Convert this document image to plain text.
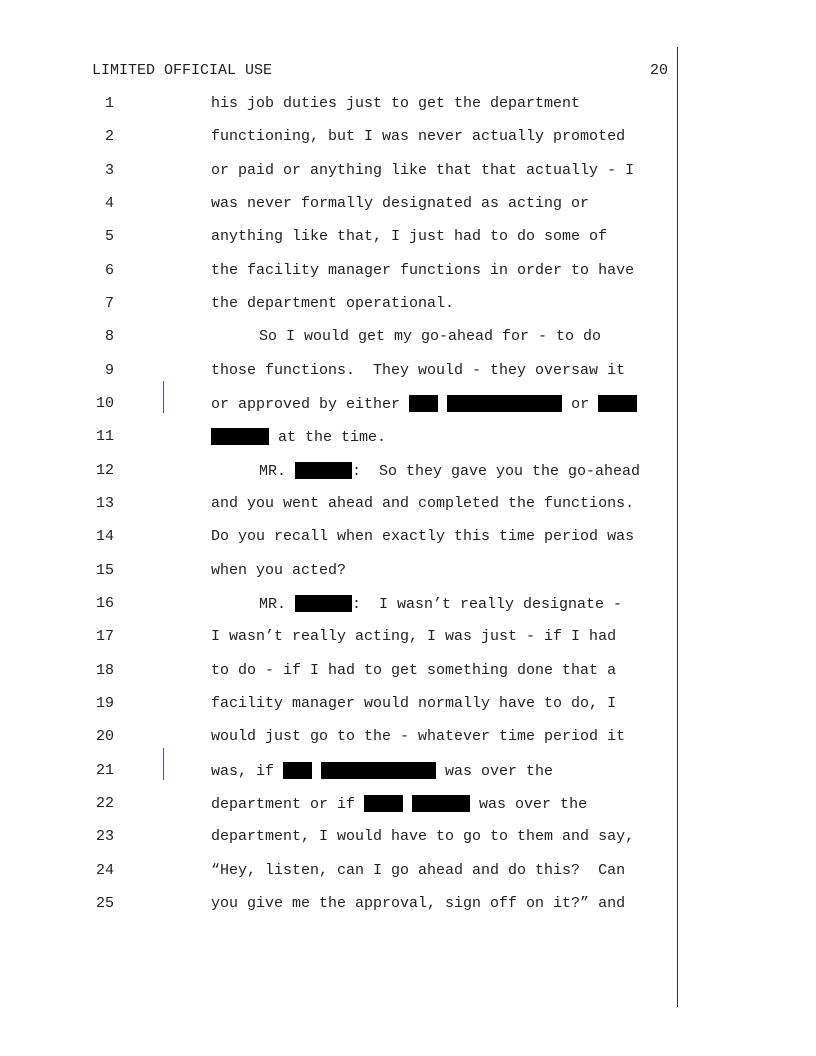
LIMITED OFFICIAL USE	20
1	his job duties just to get the department
2	functioning, but I was never actually promoted
3	or paid or anything like that that actually - I
4	was never formally designated as acting or
5	anything like that, I just had to do some of
6	the facility manager functions in order to have
7	the department operational.
8	So I would get my go-ahead for - to do
9	those functions.  They would - they oversaw it
10	or approved by either	or
11	at the time.
12	MR.	:  So they gave you the go-ahead
13	and you went ahead and completed the functions.
14	Do you recall when exactly this time period was
15	when you acted?
16	MR.	:  I wasn’t really designate -
17	I wasn’t really acting, I was just - if I had
18	to do - if I had to get something done that a
19	facility manager would normally have to do, I
20	would just go to the - whatever time period it
21	was, if	was over the
22	department or if	was over the
23	department, I would have to go to them and say,
24	“Hey, listen, can I go ahead and do this?  Can
25	you give me the approval, sign off on it?” and
